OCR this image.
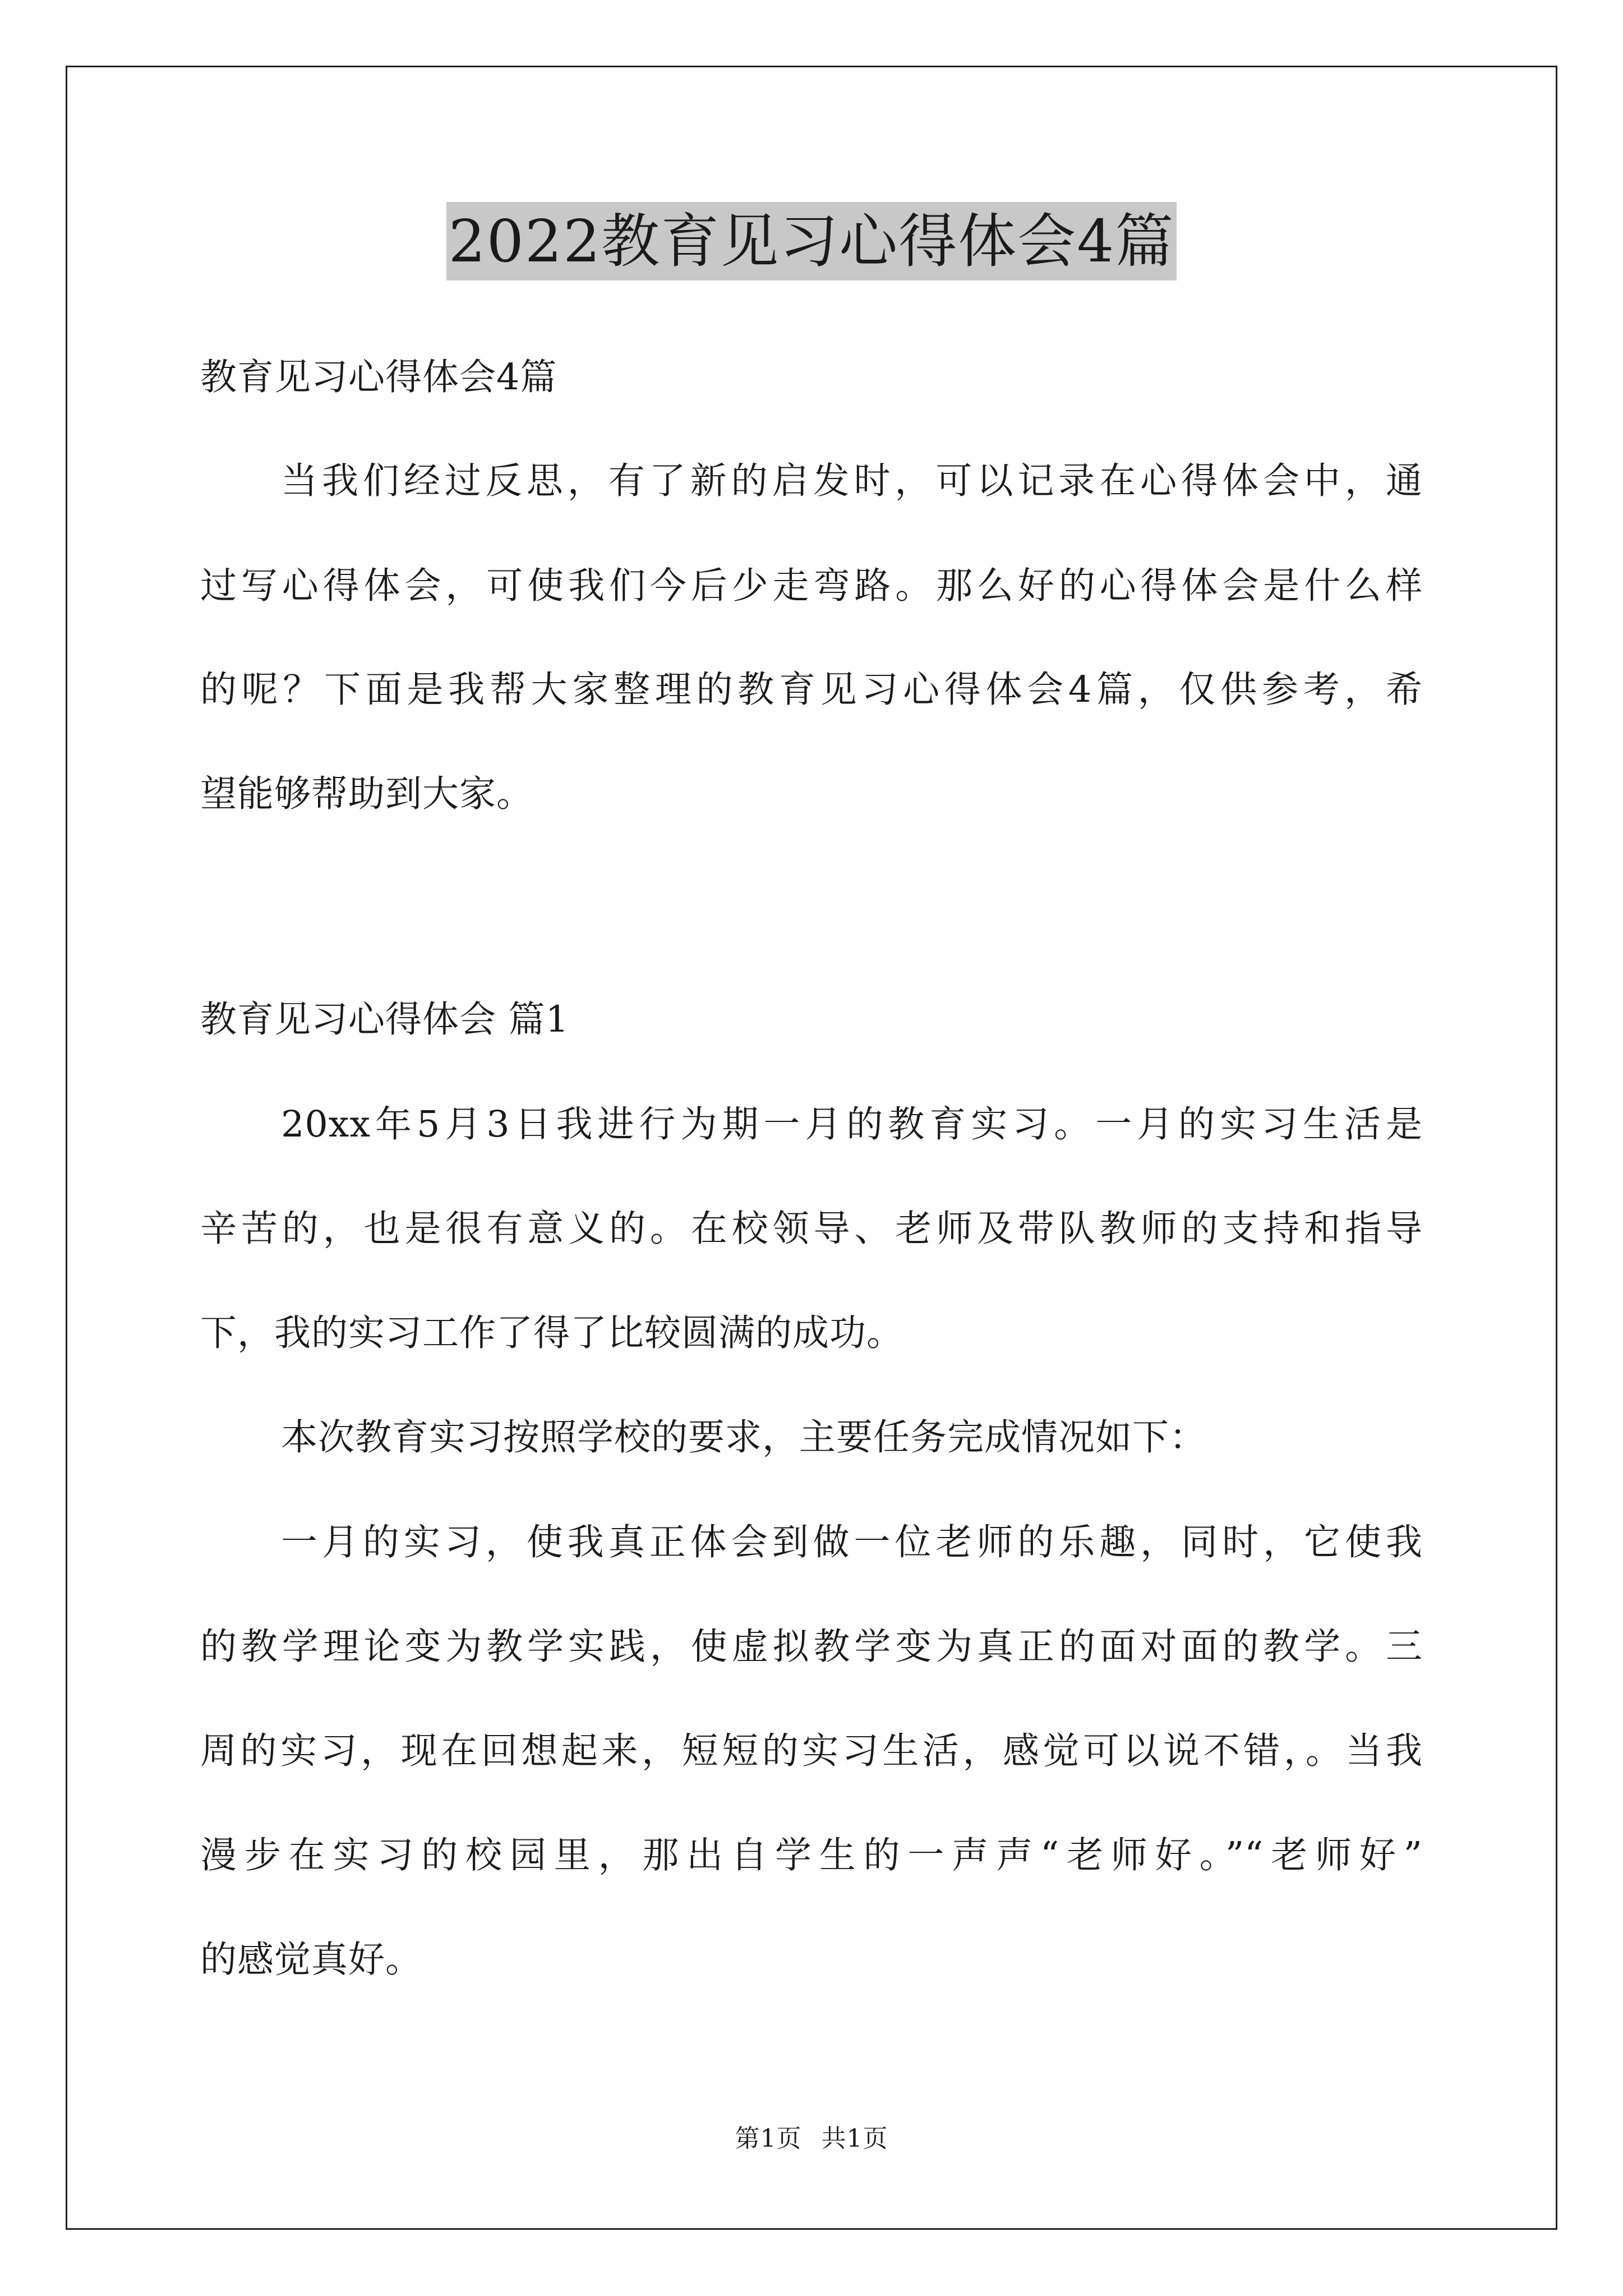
2022教育见习心得体会4篇
教育见习心得体会4篇
当我们经过反思，有了新的启发时，可以记录在心得体会中，通
过写心得体会，可使我们今后少走弯路。那么好的心得体会是什么样
的呢？下面是我帮大家整理的教育见习心得体会4篇，仅供参考，希
望能够帮助到大家。
教育见习心得体会 篇1
20xx年5月3日我进行为期一月的教育实习。一月的实习生活是
辛苦的，也是很有意义的。在校领导、老师及带队教师的支持和指导
下，我的实习工作了得了比较圆满的成功。
本次教育实习按照学校的要求，主要任务完成情况如下：
一月的实习，使我真正体会到做一位老师的乐趣，同时，它使我
的教学理论变为教学实践，使虚拟教学变为真正的面对面的教学。三
周的实习，现在回想起来，短短的实习生活，感觉可以说不错，。当我
漫步在实习的校园里，那出自学生的一声声“老师好。”“老师好”
的感觉真好。
第1页 共1页
